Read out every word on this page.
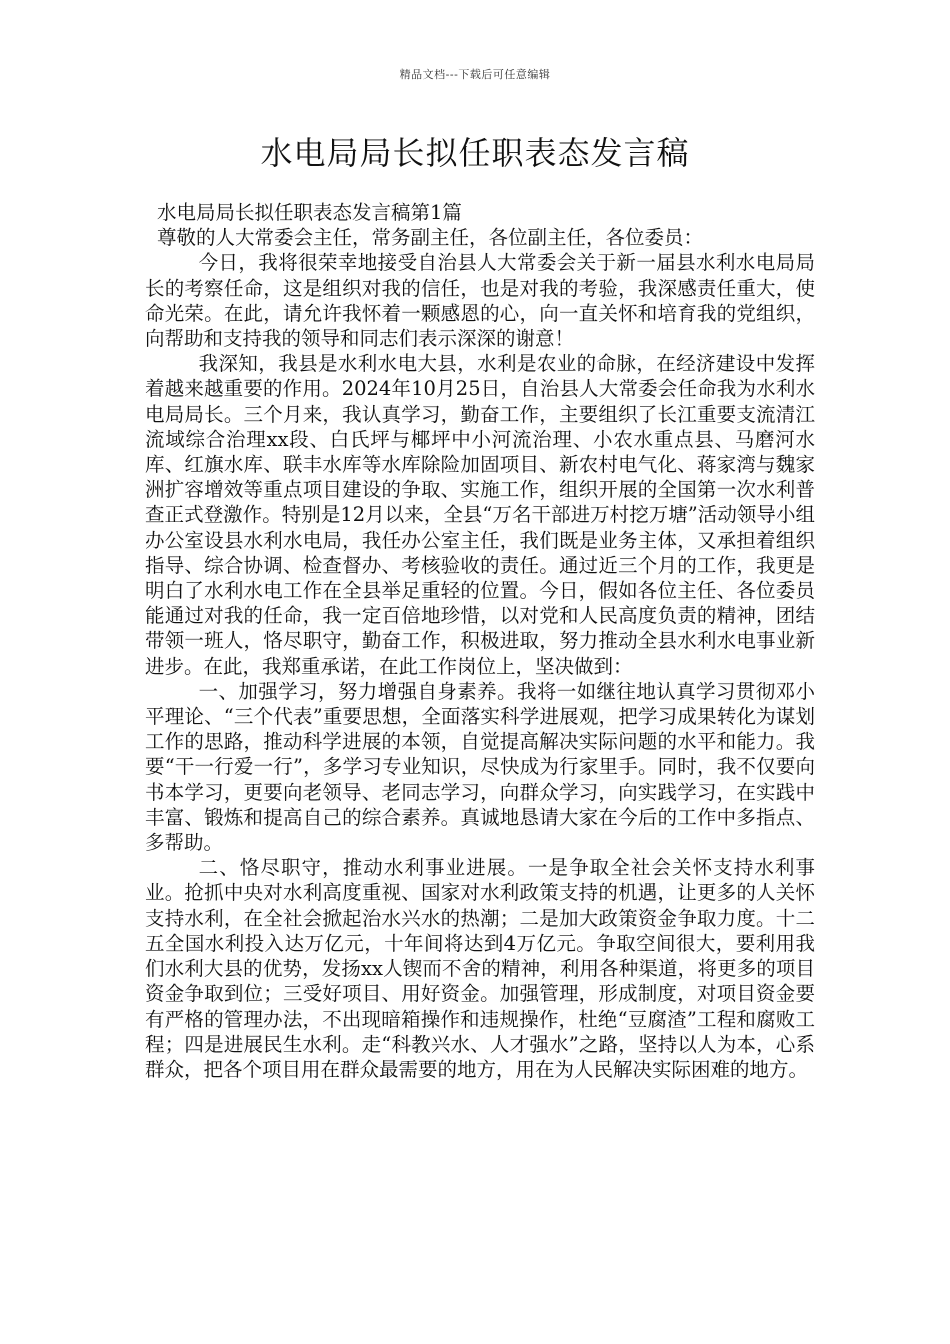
精品文档---下载后可任意编辑
水电局局长拟任职表态发言稿

水电局局长拟任职表态发言稿第1篇

尊敬的人大常委会主任，常务副主任，各位副主任，各位委员：

今日，我将很荣幸地接受自治县人大常委会关于新一届县水利水电局局长的考察任命，这是组织对我的信任，也是对我的考验，我深感责任重大，使命光荣。在此，请允许我怀着一颗感恩的心，向一直关怀和培育我的党组织，向帮助和支持我的领导和同志们表示深深的谢意！

我深知，我县是水利水电大县，水利是农业的命脉，在经济建设中发挥着越来越重要的作用。2024年10月25日，自治县人大常委会任命我为水利水电局局长。三个月来，我认真学习，勤奋工作，主要组织了长江重要支流清江流域综合治理xx段、白氏坪与椰坪中小河流治理、小农水重点县、马磨河水库、红旗水库、联丰水库等水库除险加固项目、新农村电气化、蒋家湾与魏家洲扩容增效等重点项目建设的争取、实施工作，组织开展的全国第一次水利普查正式登激作。特别是12月以来，全县“万名干部进万村挖万塘”活动领导小组办公室设县水利水电局，我任办公室主任，我们既是业务主体，又承担着组织指导、综合协调、检查督办、考核验收的责任。通过近三个月的工作，我更是明白了水利水电工作在全县举足重轻的位置。今日，假如各位主任、各位委员能通过对我的任命，我一定百倍地珍惜，以对党和人民高度负责的精神，团结带领一班人，恪尽职守，勤奋工作，积极进取，努力推动全县水利水电事业新进步。在此，我郑重承诺，在此工作岗位上，坚决做到：

一、加强学习，努力增强自身素养。我将一如继往地认真学习贯彻邓小平理论、“三个代表”重要思想，全面落实科学进展观，把学习成果转化为谋划工作的思路，推动科学进展的本领，自觉提高解决实际问题的水平和能力。我要“干一行爱一行”，多学习专业知识，尽快成为行家里手。同时，我不仅要向书本学习，更要向老领导、老同志学习，向群众学习，向实践学习，在实践中丰富、锻炼和提高自己的综合素养。真诚地恳请大家在今后的工作中多指点、多帮助。

二、恪尽职守，推动水利事业进展。一是争取全社会关怀支持水利事业。抢抓中央对水利高度重视、国家对水利政策支持的机遇，让更多的人关怀支持水利，在全社会掀起治水兴水的热潮；二是加大政策资金争取力度。十二五全国水利投入达万亿元，十年间将达到4万亿元。争取空间很大，要利用我们水利大县的优势，发扬xx人锲而不舍的精神，利用各种渠道，将更多的项目资金争取到位；三受好项目、用好资金。加强管理，形成制度，对项目资金要有严格的管理办法，不出现暗箱操作和违规操作，杜绝“豆腐渣”工程和腐败工程；四是进展民生水利。走“科教兴水、人才强水”之路，坚持以人为本，心系群众，把各个项目用在群众最需要的地方，用在为人民解决实际困难的地方。
